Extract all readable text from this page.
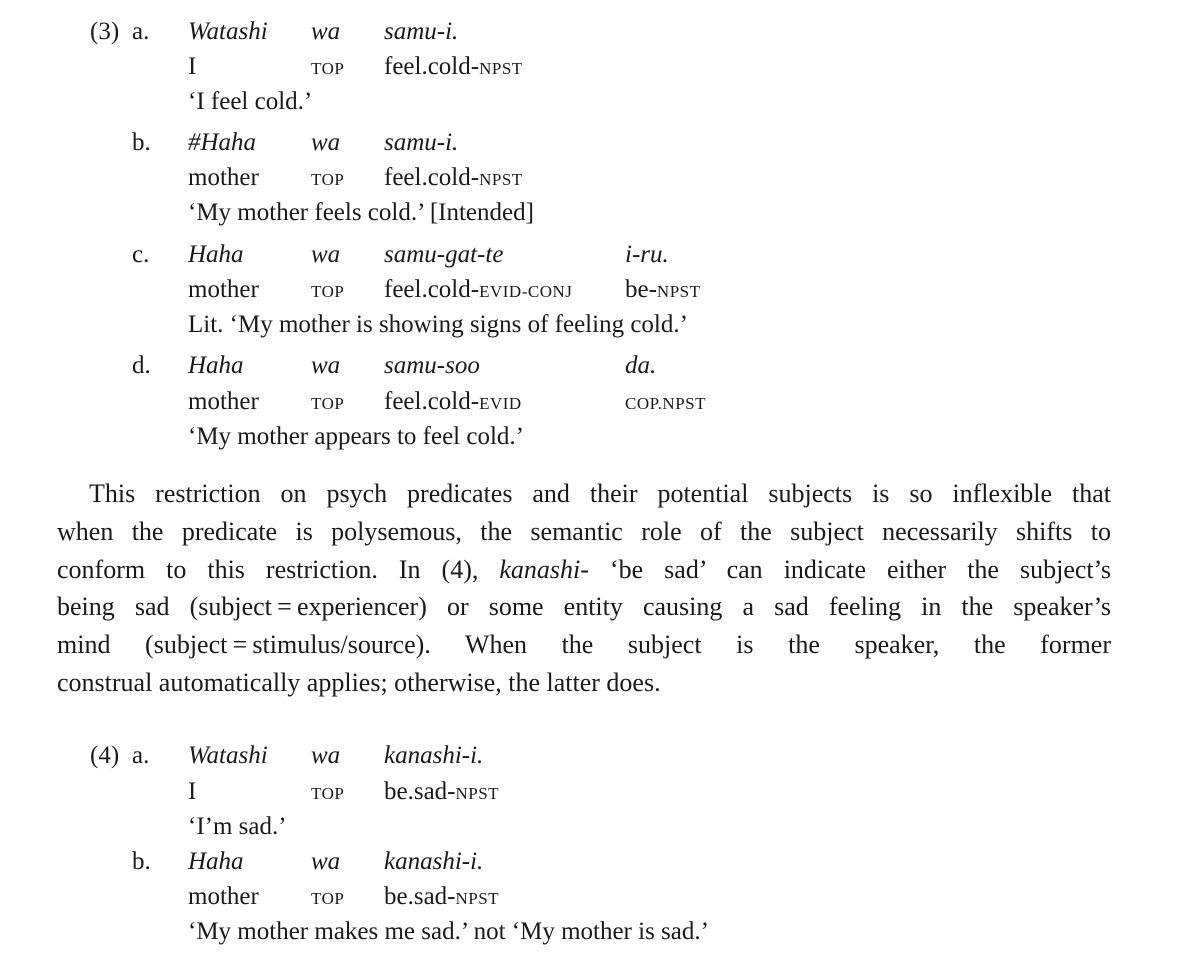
(3) a. Watashi wa samu-i.
I	TOP feel.cold-NPST
‘I feel cold.’
b. #Haha wa samu-i.
mother	TOP feel.cold-NPST
‘My mother feels cold.’ [Intended]
c. Haha	wa samu-gat-te	i-ru.
mother	TOP feel.cold-EVID-CONJ be-NPST
Lit. ‘My mother is showing signs of feeling cold.’
d. Haha	wa samu-soo	da.
mother	TOP feel.cold-EVID	COP.NPST
‘My mother appears to feel cold.’
This restriction on psych predicates and their potential subjects is so inflexible that
when the predicate is polysemous, the semantic role of the subject necessarily shifts to
conform to this restriction. In (4), kanashi- ‘be sad’ can indicate either the subject’s
being sad (subject = experiencer) or some entity causing a sad feeling in the speaker’s
mind (subject = stimulus/source). When the subject is the speaker, the former
construal automatically applies; otherwise, the latter does.
(4) a. Watashi wa kanashi-i.
I	TOP be.sad-NPST
‘I’m sad.’
b. Haha	wa kanashi-i.
mother	TOP be.sad-NPST
‘My mother makes me sad.’ not ‘My mother is sad.’
